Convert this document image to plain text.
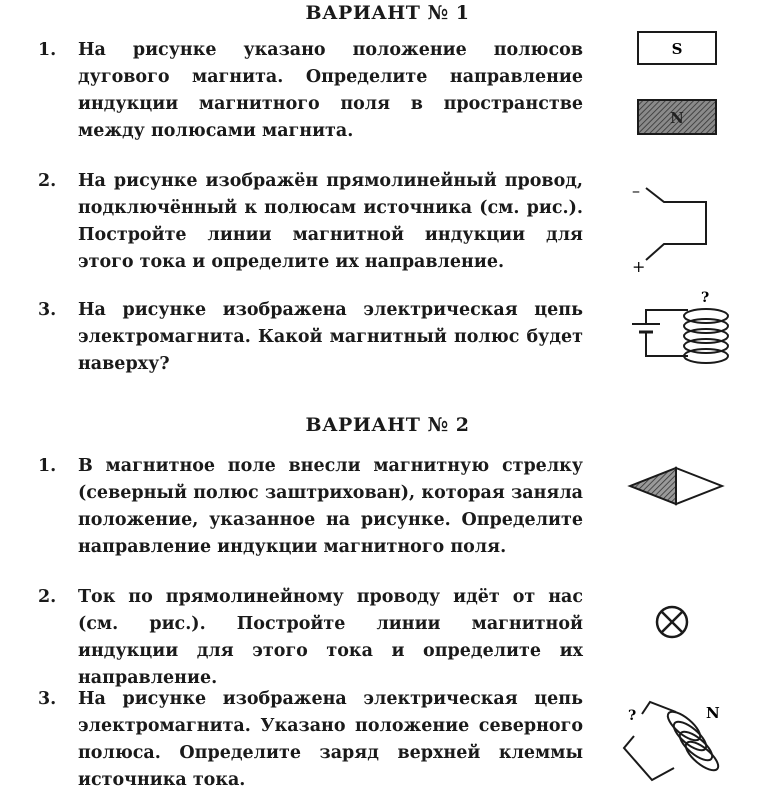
ВАРИАНТ № 1
1. На рисунке указано положение полюсов дугового магнита. Определите направление индукции магнитного поля в пространстве между полюсами магнита.
2. На рисунке изображён прямолинейный провод, подключённый к полюсам источника (см. рис.). Постройте линии магнитной индукции для этого тока и определите их направление.
3. На рисунке изображена электрическая цепь электромагнита. Какой магнитный полюс будет наверху?
ВАРИАНТ № 2
1. В магнитное поле внесли магнитную стрелку (северный полюс заштрихован), которая заняла положение, указанное на рисунке. Определите направление индукции магнитного поля.
2. Ток по прямолинейному проводу идёт от нас (см. рис.). Постройте линии магнитной индукции для этого тока и определите их направление.
3. На рисунке изображена электрическая цепь электромагнита. Указано положение северного полюса. Определите заряд верхней клеммы источника тока.
S
N
–
+
?
?	N
